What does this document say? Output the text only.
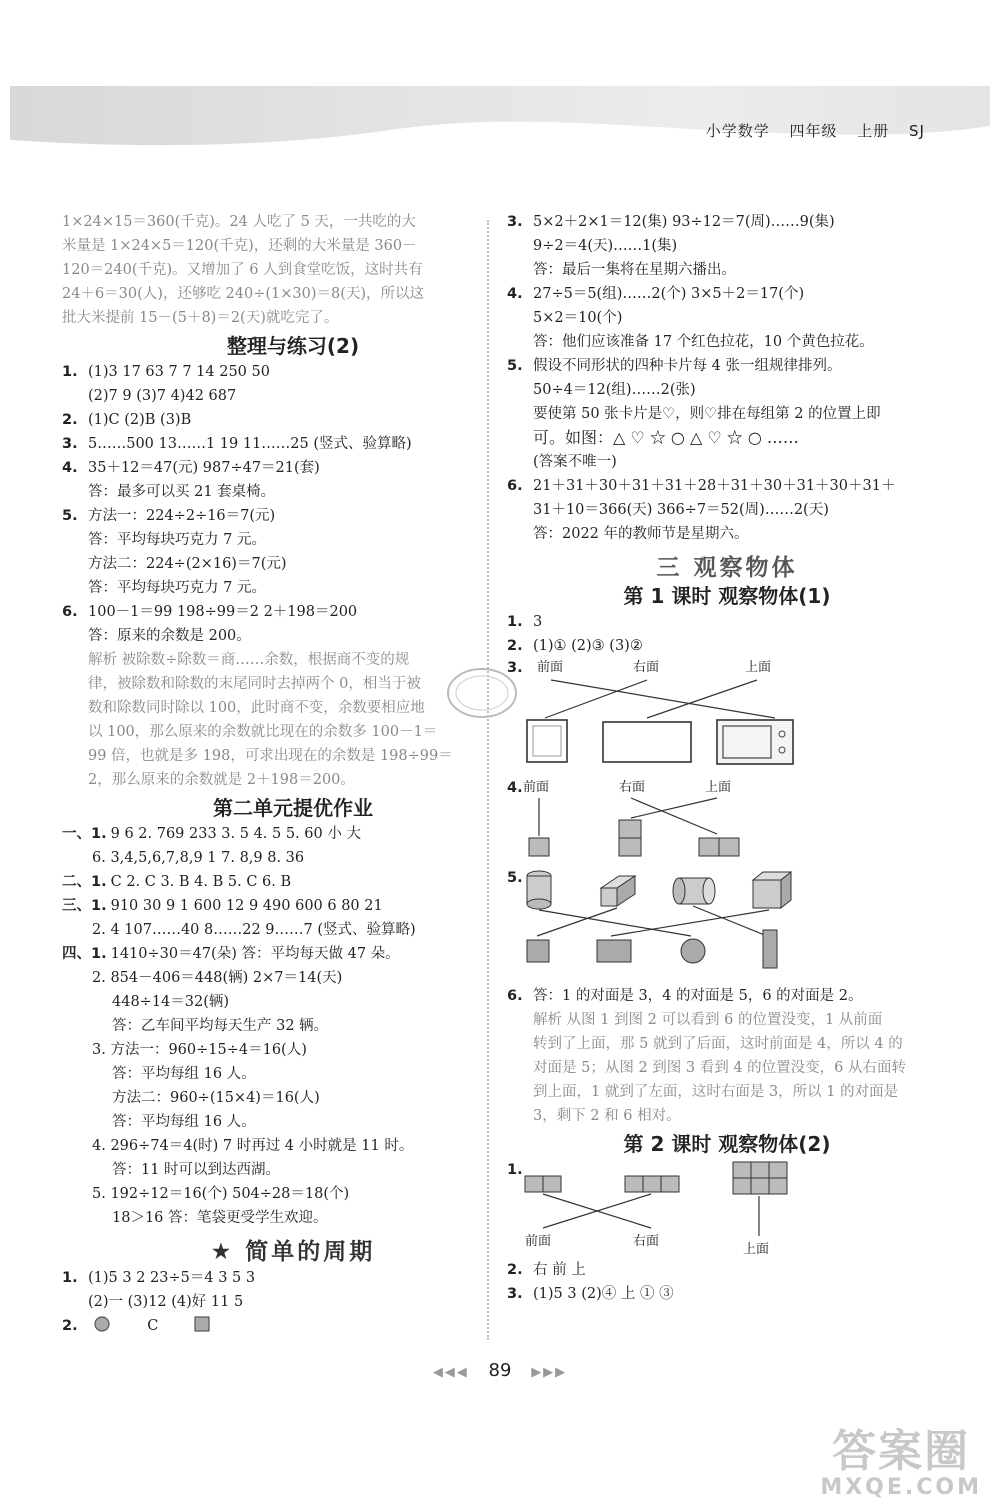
小学数学 四年级 上册 SJ
1×24×15＝360(千克)。24 人吃了 5 天，一共吃的大
米量是 1×24×5＝120(千克)，还剩的大米量是 360－
120＝240(千克)。又增加了 6 人到食堂吃饭，这时共有
24＋6＝30(人)，还够吃 240÷(1×30)＝8(天)，所以这
批大米提前 15－(5＋8)＝2(天)就吃完了。
整理与练习(2)
1. (1)3 17 63 7 7 14 250 50
(2)7 9 (3)7 4)42 687
2. (1)C (2)B (3)B
3. 5……500 13……1 19 11……25 (竖式、验算略)
4. 35＋12＝47(元) 987÷47＝21(套)
答：最多可以买 21 套桌椅。
5. 方法一：224÷2÷16＝7(元)
答：平均每块巧克力 7 元。
方法二：224÷(2×16)＝7(元)
答：平均每块巧克力 7 元。
6. 100－1＝99 198÷99＝2 2＋198＝200
答：原来的余数是 200。
解析 被除数÷除数＝商……余数，根据商不变的规
律，被除数和除数的末尾同时去掉两个 0，相当于被
数和除数同时除以 100，此时商不变，余数要相应地
以 100，那么原来的余数就比现在的余数多 100－1＝
99 倍，也就是多 198，可求出现在的余数是 198÷99＝
2，那么原来的余数就是 2＋198＝200。
第二单元提优作业
一、1. 9 6 2. 769 233 3. 5 4. 5 5. 60 小 大
6. 3,4,5,6,7,8,9 1 7. 8,9 8. 36
二、1. C 2. C 3. B 4. B 5. C 6. B
三、1. 910 30 9 1 600 12 9 490 600 6 80 21
2. 4 107……40 8……22 9……7 (竖式、验算略)
四、1. 1410÷30＝47(朵) 答：平均每天做 47 朵。
2. 854－406＝448(辆) 2×7＝14(天)
448÷14＝32(辆)
答：乙车间平均每天生产 32 辆。
3. 方法一：960÷15÷4＝16(人)
答：平均每组 16 人。
方法二：960÷(15×4)＝16(人)
答：平均每组 16 人。
4. 296÷74＝4(时) 7 时再过 4 小时就是 11 时。
答：11 时可以到达西湖。
5. 192÷12＝16(个) 504÷28＝18(个)
18＞16 答：笔袋更受学生欢迎。
★ 简单的周期
1. (1)5 3 2 23÷5＝4 3 5 3
(2)一 (3)12 (4)好 11 5
2.	C
3. 5×2＋2×1＝12(集) 93÷12＝7(周)……9(集)
9÷2＝4(天)……1(集)
答：最后一集将在星期六播出。
4. 27÷5＝5(组)……2(个) 3×5＋2＝17(个)
5×2＝10(个)
答：他们应该准备 17 个红色拉花，10 个黄色拉花。
5. 假设不同形状的四种卡片每 4 张一组规律排列。
50÷4＝12(组)……2(张)
要使第 50 张卡片是♡，则♡排在每组第 2 的位置上即
可。如图：△ ♡ ☆ ○ △ ♡ ☆ ○ ……
(答案不唯一)
6. 21＋31＋30＋31＋31＋28＋31＋30＋31＋30＋31＋
31＋10＝366(天) 366÷7＝52(周)……2(天)
答：2022 年的教师节是星期六。
三 观察物体
第 1 课时 观察物体(1)
1. 3
2. (1)① (2)③ (3)②
3.	前面	右面	上面
4. 前面	右面	上面
5.
6. 答：1 的对面是 3，4 的对面是 5，6 的对面是 2。
解析 从图 1 到图 2 可以看到 6 的位置没变，1 从前面
转到了上面，那 5 就到了后面，这时前面是 4，所以 4 的
对面是 5；从图 2 到图 3 看到 4 的位置没变，6 从右面转
到上面，1 就到了左面，这时右面是 3，所以 1 的对面是
3，剩下 2 和 6 相对。
第 2 课时 观察物体(2)
1.
前面	右面
上面
2. 右 前 上
3. (1)5 3 (2)④ 上 ① ③
◀◀◀ 89 ▶▶▶
答案圈
MXQE.COM
